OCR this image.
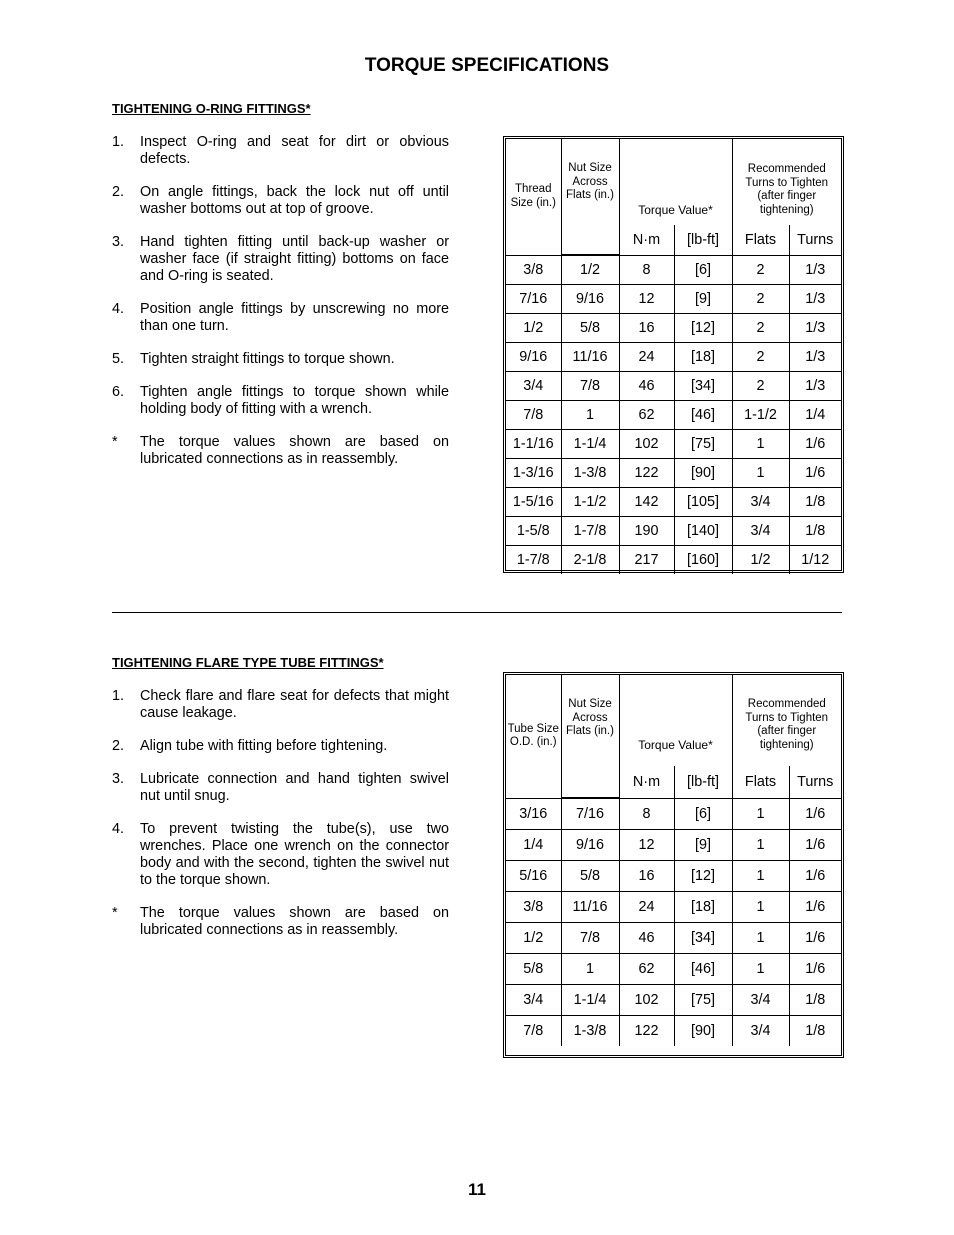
TORQUE SPECIFICATIONS
TIGHTENING O-RING FITTINGS*
1.	Inspect O-ring and seat for dirt or obvious defects.
2.	On angle fittings, back the lock nut off until washer bottoms out at top of groove.
3.	Hand tighten fitting until back-up washer or washer face (if straight fitting) bottoms on face and O-ring is seated.
4.	Position angle fittings by unscrewing no more than one turn.
5.	Tighten straight fittings to torque shown.
6.	Tighten angle fittings to torque shown while holding body of fitting with a wrench.
*	The torque values shown are based on lubricated connections as in reassembly.
Thread Size (in.)	Nut Size Across Flats (in.)	Torque Value*		Recommended Turns to Tighten (after finger tightening)	
		N·m	[lb-ft]	Flats	Turns
3/8	1/2	8	[6]	2	1/3
7/16	9/16	12	[9]	2	1/3
1/2	5/8	16	[12]	2	1/3
9/16	11/16	24	[18]	2	1/3
3/4	7/8	46	[34]	2	1/3
7/8	1	62	[46]	1-1/2	1/4
1-1/16	1-1/4	102	[75]	1	1/6
1-3/16	1-3/8	122	[90]	1	1/6
1-5/16	1-1/2	142	[105]	3/4	1/8
1-5/8	1-7/8	190	[140]	3/4	1/8
1-7/8	2-1/8	217	[160]	1/2	1/12
TIGHTENING FLARE TYPE TUBE FITTINGS*
1.	Check flare and flare seat for defects that might cause leakage.
2.	Align tube with fitting before tightening.
3.	Lubricate connection and hand tighten swivel nut until snug.
4.	To prevent twisting the tube(s), use two wrenches. Place one wrench on the connector body and with the second, tighten the swivel nut to the torque shown.
*	The torque values shown are based on lubricated connections as in reassembly.
Tube Size O.D. (in.)	Nut Size Across Flats (in.)	Torque Value*		Recommended Turns to Tighten (after finger tightening)	
		N·m	[lb-ft]	Flats	Turns
3/16	7/16	8	[6]	1	1/6
1/4	9/16	12	[9]	1	1/6
5/16	5/8	16	[12]	1	1/6
3/8	11/16	24	[18]	1	1/6
1/2	7/8	46	[34]	1	1/6
5/8	1	62	[46]	1	1/6
3/4	1-1/4	102	[75]	3/4	1/8
7/8	1-3/8	122	[90]	3/4	1/8
11
